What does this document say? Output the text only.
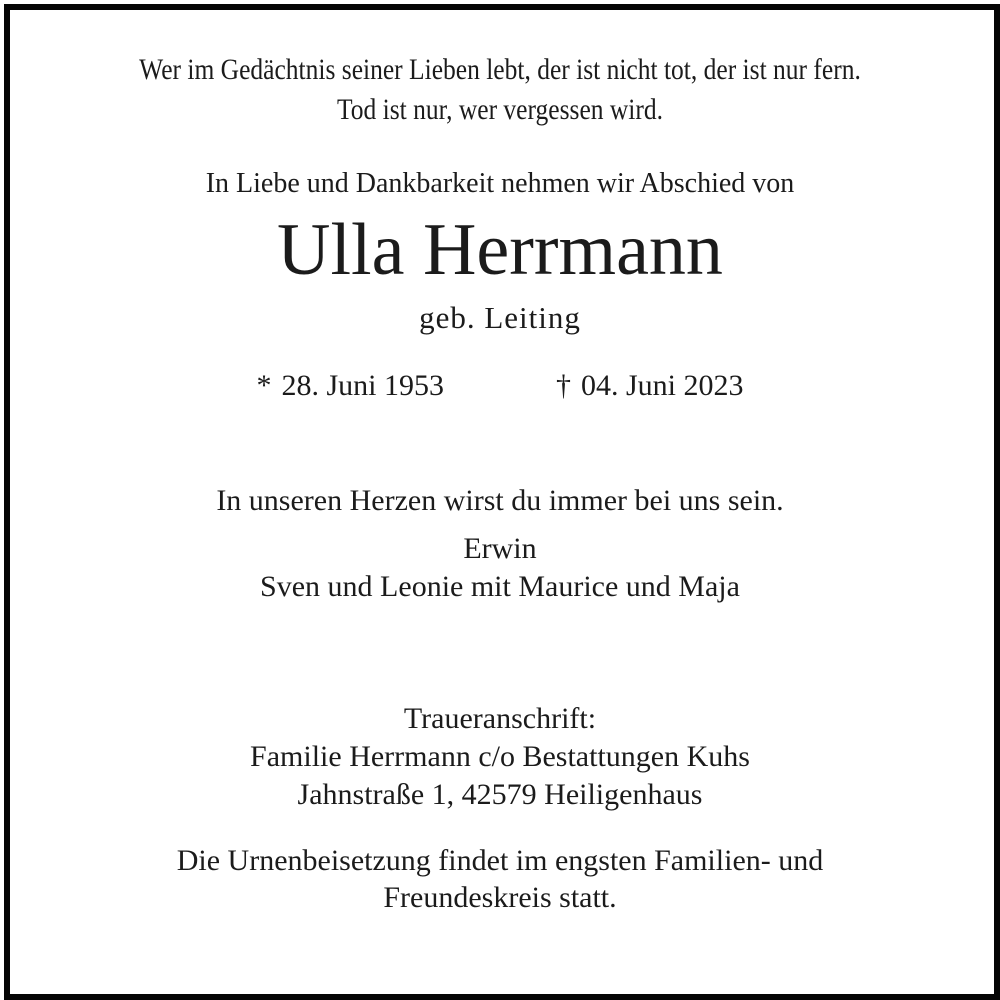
Wer im Gedächtnis seiner Lieben lebt, der ist nicht tot, der ist nur fern.
Tod ist nur, wer vergessen wird.
In Liebe und Dankbarkeit nehmen wir Abschied von
Ulla Herrmann
geb. Leiting
* 28. Juni 1953	† 04. Juni 2023
In unseren Herzen wirst du immer bei uns sein.
Erwin
Sven und Leonie mit Maurice und Maja
Traueranschrift:
Familie Herrmann c/o Bestattungen Kuhs
Jahnstraße 1, 42579 Heiligenhaus
Die Urnenbeisetzung findet im engsten Familien- und
Freundeskreis statt.
